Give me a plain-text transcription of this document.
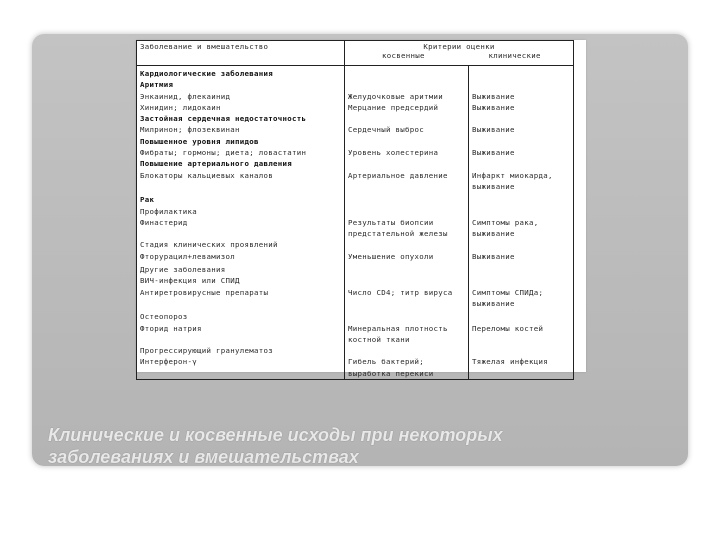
Заболевание и вмешательство	Критерии оценки
косвенные клинические	

Кардиологические заболевания		
Аритмия		
Энкаинид, флекаинид	Желудочковые аритмии	Выживание
Хинидин; лидокаин	Мерцание предсердий	Выживание
Застойная сердечная недостаточность		
Милринон; флозеквинан	Сердечный выброс	Выживание
Повышенное уровня липидов		
Фибраты; гормоны; диета; ловастатин	Уровень холестерина	Выживание
Повышение артериального давления		
Блокаторы кальциевых каналов	Артериальное давление	Инфаркт миокарда,
		выживание

Рак		
Профилактика		
Финастерид	Результаты биопсии	Симптомы рака,
	предстательной железы	выживание
Стадия клинических проявлений		
Фторурацил+левамизол	Уменьшение опухоли	Выживание

Другие заболевания		
ВИЧ-инфекция или СПИД		
Антиретровирусные препараты	Число CD4; титр вируса	Симптомы СПИДа;
		выживание

Остеопороз		
Фторид натрия	Минеральная плотность	Переломы костей
	костной ткани	
Прогрессирующий гранулематоз		
Интерферон-γ	Гибель бактерий;	Тяжелая инфекция
	выработка перекиси	
Клинические и косвенные исходы при некоторых
заболеваниях и вмешательствах
